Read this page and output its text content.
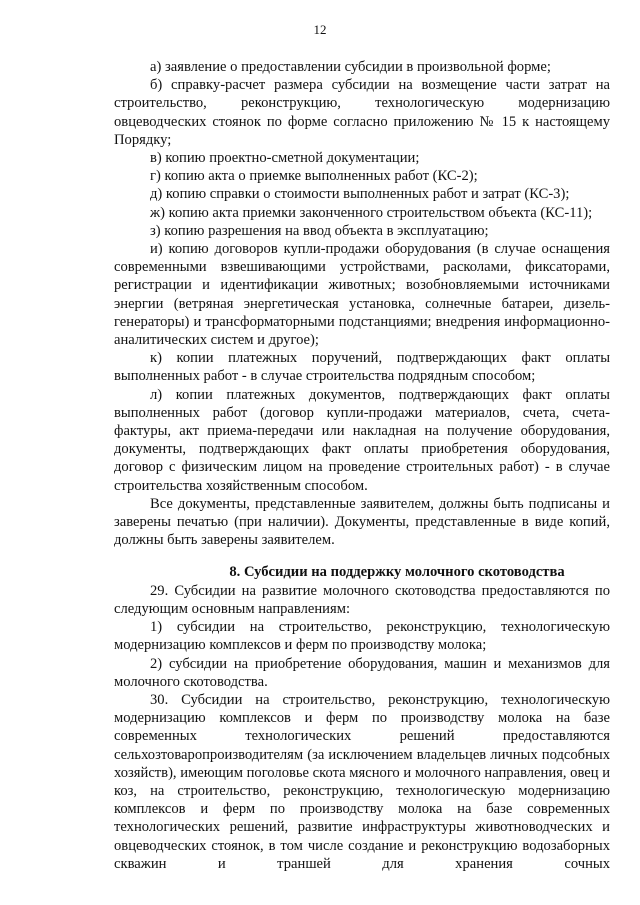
12

а) заявление о предоставлении субсидии в произвольной форме;

б) справку-расчет размера субсидии на возмещение части затрат на строительство, реконструкцию, технологическую модернизацию овцеводческих стоянок по форме согласно приложению № 15 к настоящему Порядку;

в) копию проектно-сметной документации;

г) копию акта о приемке выполненных работ (КС-2);

д) копию справки о стоимости выполненных работ и затрат (КС-3);

ж) копию акта приемки законченного строительством объекта (КС-11);

з) копию разрешения на ввод объекта в эксплуатацию;

и) копию договоров купли-продажи оборудования (в случае оснащения современными взвешивающими устройствами, расколами, фиксаторами, регистрации и идентификации животных; возобновляемыми источниками энергии (ветряная энергетическая установка, солнечные батареи, дизель-генераторы) и трансформаторными подстанциями; внедрения информационно-аналитических систем и другое);

к) копии платежных поручений, подтверждающих факт оплаты выполненных работ - в случае строительства подрядным способом;

л) копии платежных документов, подтверждающих факт оплаты выполненных работ (договор купли-продажи материалов, счета, счета-фактуры, акт приема-передачи или накладная на получение оборудования, документы, подтверждающих факт оплаты приобретения оборудования, договор с физическим лицом на проведение строительных работ) - в случае строительства хозяйственным способом.

Все документы, представленные заявителем, должны быть подписаны и заверены печатью (при наличии). Документы, представленные в виде копий, должны быть заверены заявителем.

8. Субсидии на поддержку молочного скотоводства

29. Субсидии на развитие молочного скотоводства предоставляются по следующим основным направлениям:

1) субсидии на строительство, реконструкцию, технологическую модернизацию комплексов и ферм по производству молока;

2) субсидии на приобретение оборудования, машин и механизмов для молочного скотоводства.

30. Субсидии на строительство, реконструкцию, технологическую модернизацию комплексов и ферм по производству молока на базе современных технологических решений предоставляются сельхозтоваропроизводителям (за исключением владельцев личных подсобных хозяйств), имеющим поголовье скота мясного и молочного направления, овец и коз, на строительство, реконструкцию, технологическую модернизацию комплексов и ферм по производству молока на базе современных технологических решений, развитие инфраструктуры животноводческих и овцеводческих стоянок, в том числе создание и реконструкцию водозаборных скважин и траншей для хранения сочных
